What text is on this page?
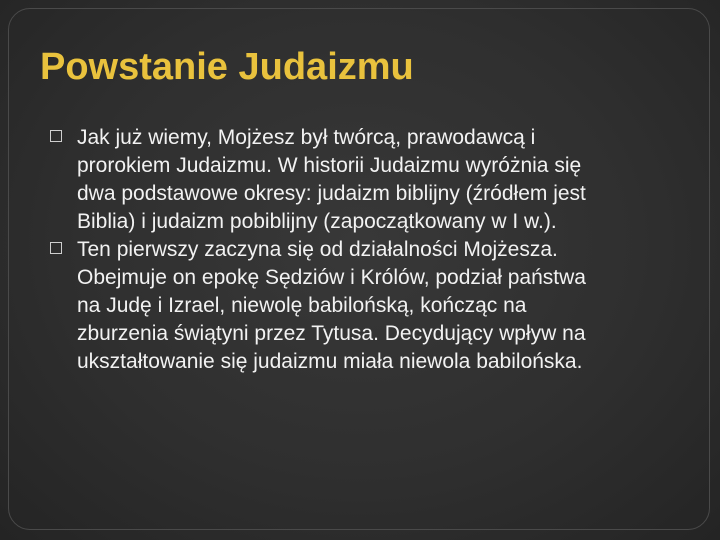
Powstanie Judaizmu
Jak już wiemy, Mojżesz był twórcą, prawodawcą i prorokiem Judaizmu. W historii Judaizmu wyróżnia się dwa podstawowe okresy: judaizm biblijny (źródłem jest Biblia) i judaizm pobiblijny (zapoczątkowany w I w.).
Ten pierwszy zaczyna się od działalności Mojżesza. Obejmuje on epokę Sędziów i Królów, podział państwa na Judę i Izrael, niewolę babilońską, kończąc na zburzenia świątyni przez Tytusa. Decydujący wpływ na ukształtowanie się judaizmu miała niewola babilońska.
